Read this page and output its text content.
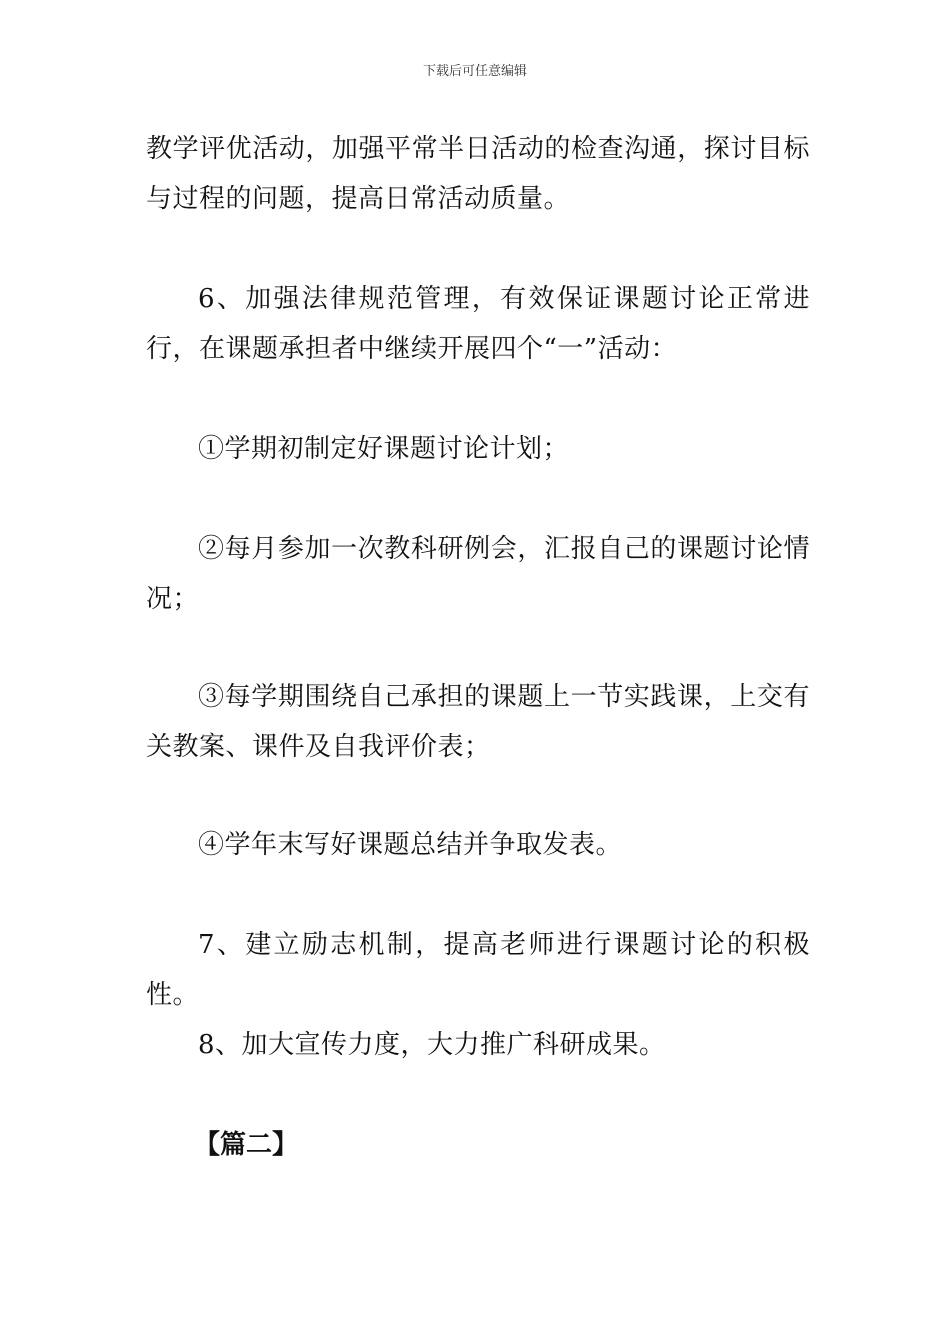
下载后可任意编辑

教学评优活动，加强平常半日活动的检查沟通，探讨目标与过程的问题，提高日常活动质量。

6、加强法律规范管理，有效保证课题讨论正常进行，在课题承担者中继续开展四个“一”活动：

①学期初制定好课题讨论计划；

②每月参加一次教科研例会，汇报自己的课题讨论情况；

③每学期围绕自己承担的课题上一节实践课，上交有关教案、课件及自我评价表；

④学年末写好课题总结并争取发表。

7、建立励志机制，提高老师进行课题讨论的积极性。

8、加大宣传力度，大力推广科研成果。

【篇二】
